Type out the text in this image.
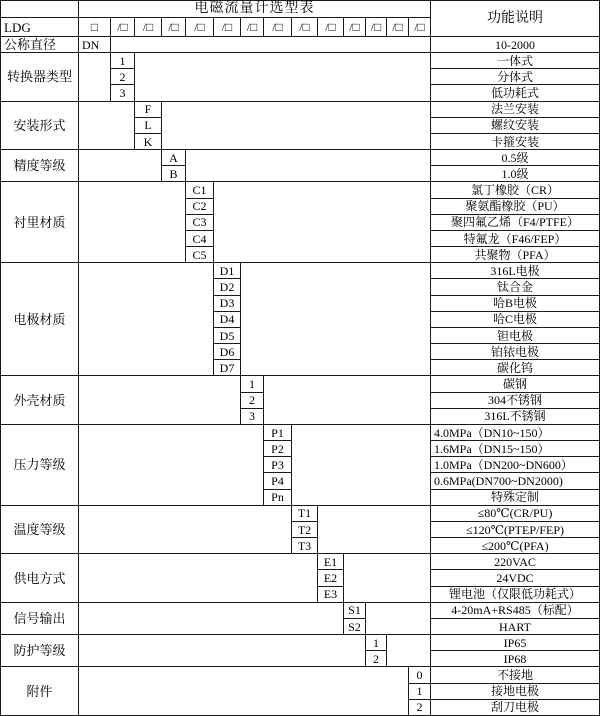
电磁流量计选型表
功能说明
LDG	□	/□	/□	/□	/□	/□	/□	/□	/□	/□	/□ /□ /□ /□
公称直径	DN	10-2000
转换器类型
1	一体式
2	分体式
3	低功耗式
安装形式
F	法兰安装
L	螺纹安装
K	卡箍安装
精度等级
A	0.5级
B	1.0级
衬里材质
C1	氯丁橡胶（CR）
C2	聚氨酯橡胶（PU）
C3	聚四氟乙烯（F4/PTFE）
C4	特氟龙（F46/FEP）
C5	共聚物（PFA）
电极材质
D1	316L电极
D2	钛合金
D3	哈B电极
D4	哈C电极
D5	钽电极
D6	铂铱电极
D7	碳化钨
外壳材质
1	碳钢
2	304不锈钢
3	316L不锈钢
压力等级
P1	4.0MPa（DN10~150）
P2	1.6MPa（DN15~150）
P3	1.0MPa（DN200~DN600）
P4	0.6MPa(DN700~DN2000)
Pn	特殊定制
温度等级
T1	≤80℃(CR/PU)
T2	≤120℃(PTEP/FEP)
T3	≤200℃(PFA)
供电方式
E1	220VAC
E2	24VDC
E3	锂电池（仅限低功耗式）
信号输出
S1	4-20mA+RS485（标配）
S2	HART
防护等级
1	IP65
2	IP68
附件
0	不接地
1	接地电极
2	刮刀电极
